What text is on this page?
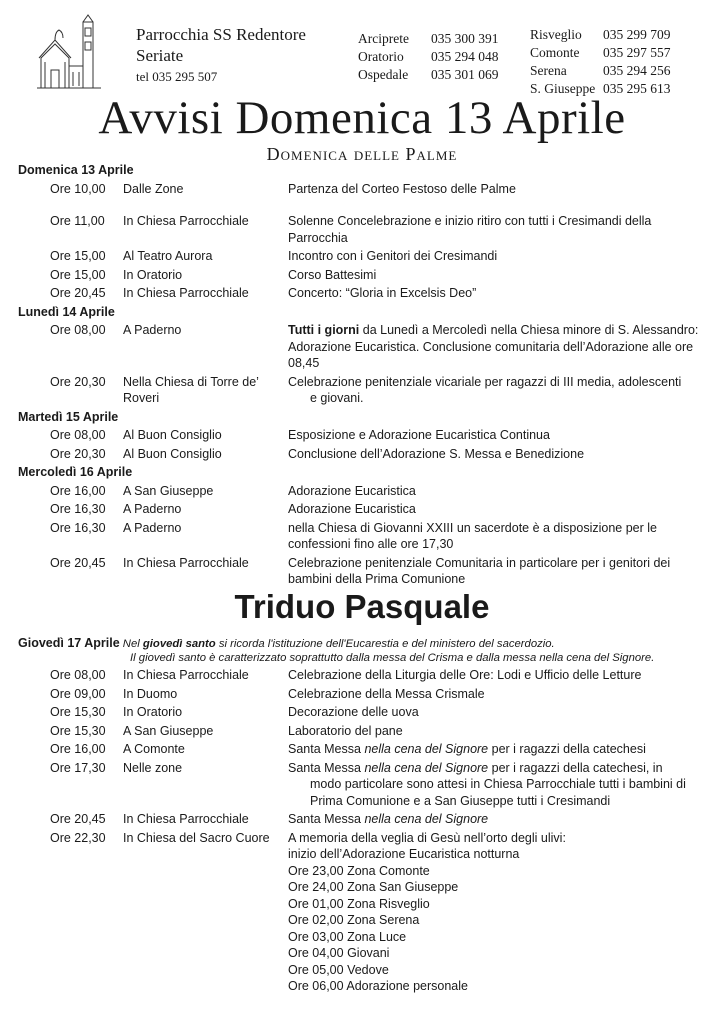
Parrocchia SS Redentore
Seriate
tel 035 295 507
Arciprete 035 300 391
Oratorio 035 294 048
Ospedale 035 301 069
Risveglio 035 299 709
Comonte 035 297 557
Serena	035 294 256
S. Giuseppe 035 295 613
Avvisi Domenica 13 Aprile
Domenica delle Palme
Domenica 13 Aprile
Ore 10,00	Dalle Zone	Partenza del Corteo Festoso delle Palme
Ore 11,00	In Chiesa Parrocchiale	Solenne Concelebrazione e inizio ritiro con tutti i Cresimandi della Parrocchia
Ore 15,00	Al Teatro Aurora	Incontro con i Genitori dei Cresimandi
Ore 15,00	In Oratorio	Corso Battesimi
Ore 20,45	In Chiesa Parrocchiale	Concerto: “Gloria in Excelsis Deo”
Lunedì 14 Aprile
Ore 08,00	A Paderno	Tutti i giorni da Lunedì a Mercoledì nella Chiesa minore di S. Alessandro: Adorazione Eucaristica. Conclusione comunitaria dell’Adorazione alle ore 08,45
Ore 20,30	Nella Chiesa di Torre de’ Roveri
Celebrazione penitenziale vicariale per ragazzi di III media, adolescenti
e giovani.
Martedì 15 Aprile
Ore 08,00	Al Buon Consiglio	Esposizione e Adorazione Eucaristica Continua
Ore 20,30	Al Buon Consiglio	Conclusione dell’Adorazione S. Messa e Benedizione
Mercoledì 16 Aprile
Ore 16,00	A San Giuseppe	Adorazione Eucaristica
Ore 16,30	A Paderno	Adorazione Eucaristica
Ore 16,30	A Paderno	nella Chiesa di Giovanni XXIII un sacerdote è a disposizione per le confessioni fino alle ore 17,30
Ore 20,45	In Chiesa Parrocchiale	Celebrazione penitenziale Comunitaria in particolare per i genitori dei bambini della Prima Comunione
Triduo Pasquale
Giovedì 17 Aprile Nel giovedì santo si ricorda l'istituzione dell'Eucarestia e del ministero del sacerdozio.
Il giovedì santo è caratterizzato soprattutto dalla messa del Crisma e dalla messa nella cena del Signore.
Ore 08,00	In Chiesa Parrocchiale	Celebrazione della Liturgia delle Ore: Lodi e Ufficio delle Letture
Ore 09,00	In Duomo	Celebrazione della Messa Crismale
Ore 15,30	In Oratorio	Decorazione delle uova
Ore 15,30	A San Giuseppe	Laboratorio del pane
Ore 16,00	A Comonte	Santa Messa nella cena del Signore per i ragazzi della catechesi
Ore 17,30	Nelle zone	Santa Messa nella cena del Signore per i ragazzi della catechesi, in
modo particolare sono attesi in Chiesa Parrocchiale tutti i bambini di Prima Comunione e a San Giuseppe tutti i Cresimandi
Ore 20,45	In Chiesa Parrocchiale	Santa Messa nella cena del Signore
Ore 22,30	In Chiesa del Sacro Cuore	A memoria della veglia di Gesù nell’orto degli ulivi:
inizio dell’Adorazione Eucaristica notturna
Ore 23,00 Zona Comonte
Ore 24,00 Zona San Giuseppe
Ore 01,00 Zona Risveglio
Ore 02,00 Zona Serena
Ore 03,00 Zona Luce
Ore 04,00 Giovani
Ore 05,00 Vedove
Ore 06,00 Adorazione personale
